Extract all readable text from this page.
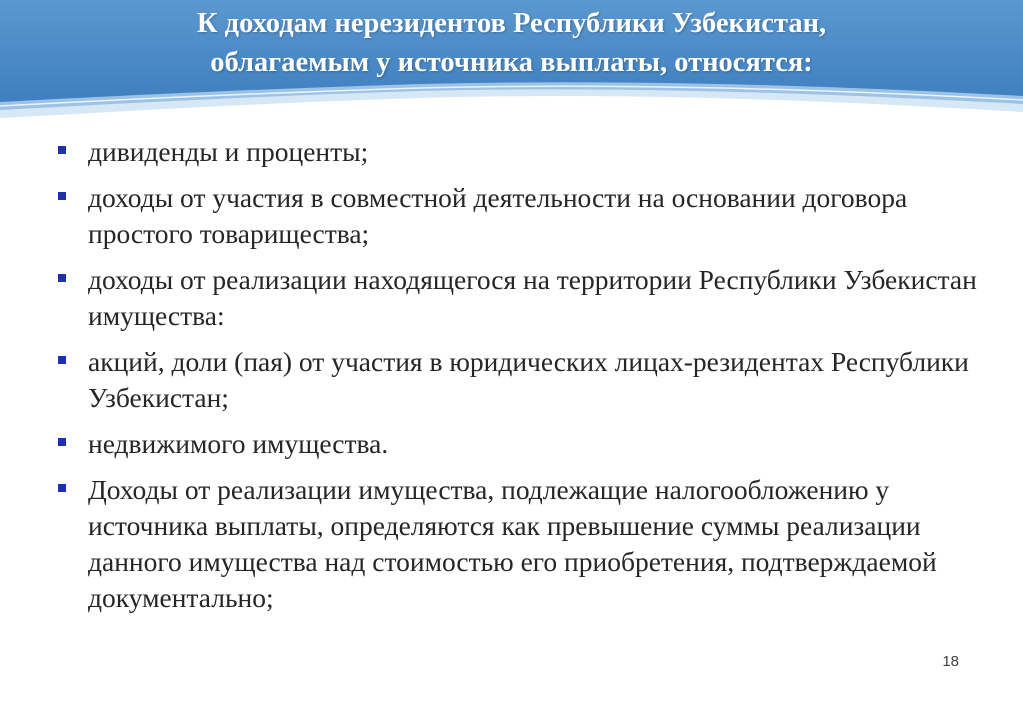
К доходам нерезидентов Республики Узбекистан,
облагаемым у источника выплаты, относятся:
дивиденды и проценты;
доходы от участия в совместной деятельности на основании договора простого товарищества;
доходы от реализации находящегося на территории Республики Узбекистан имущества:
акций, доли (пая) от участия в юридических лицах-резидентах Республики Узбекистан;
недвижимого имущества.
Доходы от реализации имущества, подлежащие налогообложению у источника выплаты, определяются как превышение суммы реализации данного имущества над стоимостью его приобретения, подтверждаемой документально;
18
